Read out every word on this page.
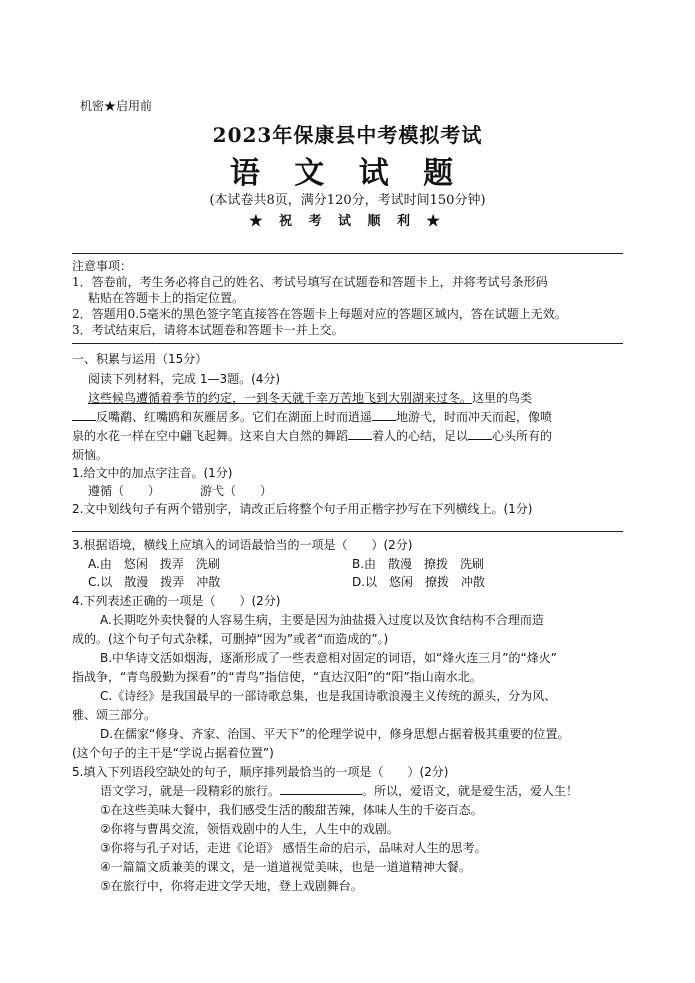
机密★启用前
2023年保康县中考模拟考试
语 文 试 题
(本试卷共8页，满分120分，考试时间150分钟)
★ 祝 考 试 顺 利 ★
注意事项：
1．答卷前，考生务必将自己的姓名、考试号填写在试题卷和答题卡上，并将考试号条形码
粘贴在答题卡上的指定位置。
2．答题用0.5毫米的黑色签字笔直接答在答题卡上每题对应的答题区域内，答在试题上无效。
3．考试结束后，请将本试题卷和答题卡一并上交。
一、积累与运用（15分）
阅读下列材料，完成 1—3题。(4分)
这些候鸟遭循着季节的约定，一到冬天就千幸万苦地飞到大别湖来过冬。这里的鸟类
反嘴鹬、红嘴鸥和灰雁居多。它们在湖面上时而逍遥 地游弋，时而冲天而起，像喷
泉的水花一样在空中翩飞起舞。这来自大自然的舞蹈 着人的心结，足以 心头所有的
烦恼。
1.给文中的加点字注音。(1分)
遵循（　　）	游弋（　　）
2.文中划线句子有两个错别字，请改正后将整个句子用正楷字抄写在下列横线上。(1分)
3.根据语境，横线上应填入的词语最恰当的一项是（　　）(2分)
A.由　悠闲　拨弄　洗刷	B.由　散漫　撩拨　洗刷
C.以　散漫　拨弄　冲散	D.以　悠闲　撩拨　冲散
4.下列表述正确的一项是（　　）(2分)
A.长期吃外卖快餐的人容易生病，主要是因为油盐摄入过度以及饮食结构不合理而造
成的。(这个句子句式杂糅，可删掉“因为”或者“而造成的”。)
B.中华诗文活如烟海，逐渐形成了一些表意相对固定的词语，如“烽火连三月”的“烽火”
指战争，“青鸟殷勤为探看”的“青鸟”指信使，“直达汉阳”的“阳”指山南水北。
C.《诗经》是我国最早的一部诗歌总集，也是我国诗歌浪漫主义传统的源头，分为风、
雅、颂三部分。
D.在儒家“修身、齐家、治国、平天下”的伦理学说中，修身思想占据着极其重要的位置。
(这个句子的主干是“学说占据着位置”)
5.填入下列语段空缺处的句子，顺序排列最恰当的一项是（　　）(2分)
语文学习，就是一段精彩的旅行。	。所以，爱语文，就是爱生活，爱人生！
①在这些美味大餐中，我们感受生活的酸甜苦辣，体味人生的千姿百态。
②你将与曹禺交流，领悟戏剧中的人生，人生中的戏剧。
③你将与孔子对话，走进《论语》 感悟生命的启示，品味对人生的思考。
④一篇篇文质兼美的课文，是一道道视觉美味，也是一道道精神大餐。
⑤在旅行中，你将走进文学天地，登上戏剧舞台。
